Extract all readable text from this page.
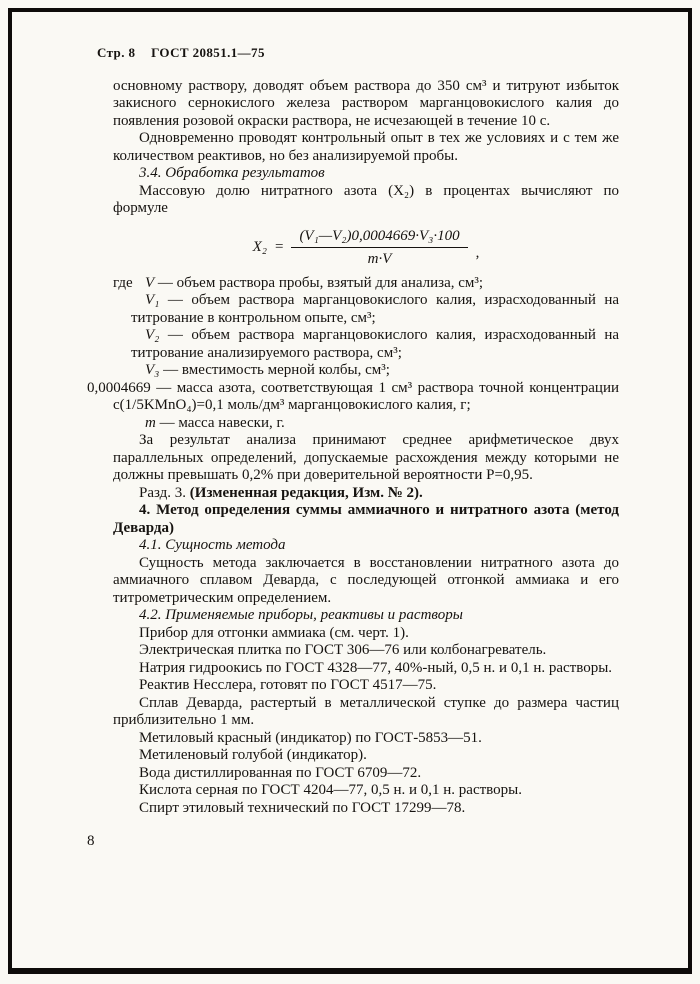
Стр. 8 ГОСТ 20851.1—75

основному раствору, доводят объем раствора до 350 см³ и титруют избыток закисного сернокислого железа раствором марганцовокислого калия до появления розовой окраски раствора, не исчезающей в течение 10 с.

Одновременно проводят контрольный опыт в тех же условиях и с тем же количеством реактивов, но без анализируемой пробы.

3.4. Обработка результатов

Массовую долю нитратного азота (X₂) в процентах вычисляют по формуле

$X_2 = \frac{\text{(V₁—V₂)0,0004669·V₃·100}}{m\cdot V}$ ,

где V — объем раствора пробы, взятый для анализа, см³;

V₁ — объем раствора марганцовокислого калия, израсходованный на титрование в контрольном опыте, см³;

V₂ — объем раствора марганцовокислого калия, израсходованный на титрование анализируемого раствора, см³;

V₃ — вместимость мерной колбы, см³;

0,0004669 — масса азота, соответствующая 1 см³ раствора точной концентрации с(1/5KMnO₄)=0,1 моль/дм³ марганцовокислого калия, г;

m — масса навески, г.

За результат анализа принимают среднее арифметическое двух параллельных определений, допускаемые расхождения между которыми не должны превышать 0,2% при доверительной вероятности Р=0,95.

Разд. 3. (Измененная редакция, Изм. № 2).

4. Метод определения суммы аммиачного и нитратного азота (метод Деварда)

4.1. Сущность метода

Сущность метода заключается в восстановлении нитратного азота до аммиачного сплавом Деварда, с последующей отгонкой аммиака и его титрометрическим определением.

4.2. Применяемые приборы, реактивы и растворы

Прибор для отгонки аммиака (см. черт. 1).

Электрическая плитка по ГОСТ 306—76 или колбонагреватель.

Натрия гидроокись по ГОСТ 4328—77, 40%-ный, 0,5 н. и 0,1 н. растворы.

Реактив Несслера, готовят по ГОСТ 4517—75.

Сплав Деварда, растертый в металлической ступке до размера частиц приблизительно 1 мм.

Метиловый красный (индикатор) по ГОСТ-5853—51.

Метиленовый голубой (индикатор).

Вода дистиллированная по ГОСТ 6709—72.

Кислота серная по ГОСТ 4204—77, 0,5 н. и 0,1 н. растворы.

Спирт этиловый технический по ГОСТ 17299—78.

8
